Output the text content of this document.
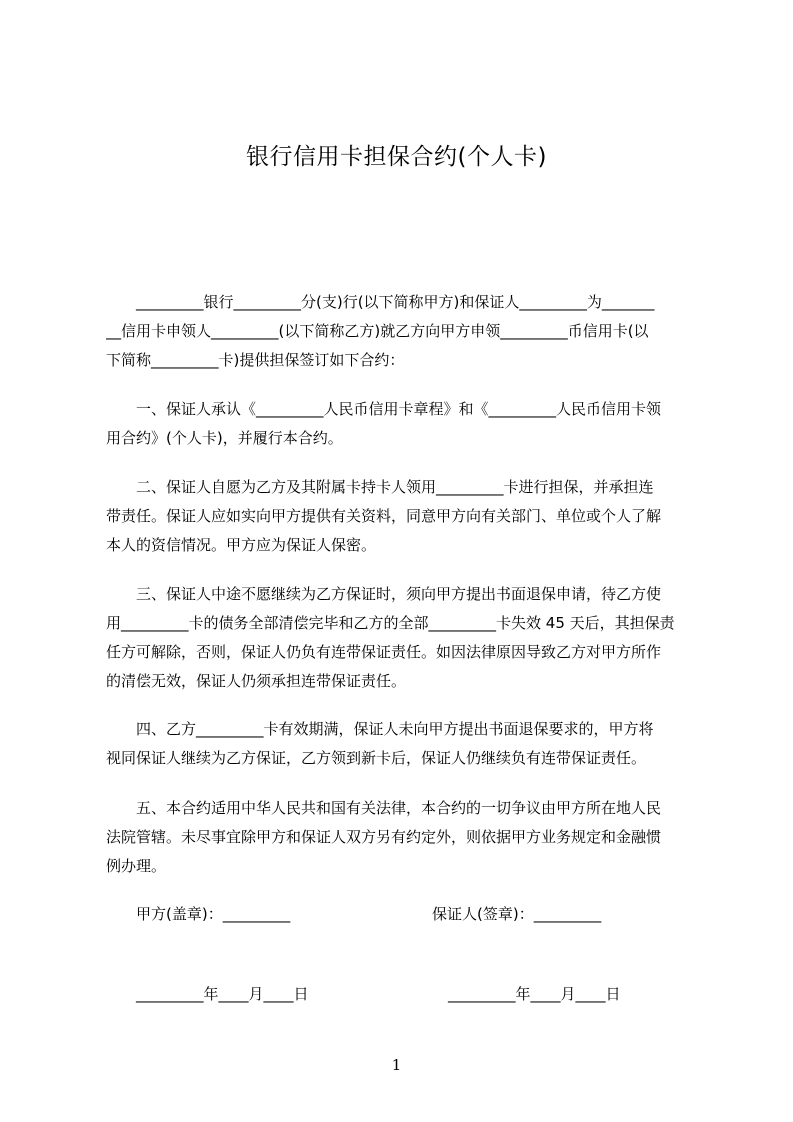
银行信用卡担保合约(个人卡)
_________银行_________分(支)行(以下简称甲方)和保证人_________为_______
__信用卡申领人_________(以下简称乙方)就乙方向甲方申领_________币信用卡(以
下简称_________卡)提供担保签订如下合约：
一、保证人承认《_________人民币信用卡章程》和《_________人民币信用卡领
用合约》(个人卡)，并履行本合约。
二、保证人自愿为乙方及其附属卡持卡人领用_________卡进行担保，并承担连
带责任。保证人应如实向甲方提供有关资料，同意甲方向有关部门、单位或个人了解
本人的资信情况。甲方应为保证人保密。
三、保证人中途不愿继续为乙方保证时，须向甲方提出书面退保申请，待乙方使
用_________卡的债务全部清偿完毕和乙方的全部_________卡失效 45 天后，其担保责
任方可解除，否则，保证人仍负有连带保证责任。如因法律原因导致乙方对甲方所作
的清偿无效，保证人仍须承担连带保证责任。
四、乙方_________卡有效期满，保证人未向甲方提出书面退保要求的，甲方将
视同保证人继续为乙方保证，乙方领到新卡后，保证人仍继续负有连带保证责任。
五、本合约适用中华人民共和国有关法律，本合约的一切争议由甲方所在地人民
法院管辖。未尽事宜除甲方和保证人双方另有约定外，则依据甲方业务规定和金融惯
例办理。
甲方(盖章)：_________	保证人(签章)：_________
_________年____月____日	_________年____月____日
1
